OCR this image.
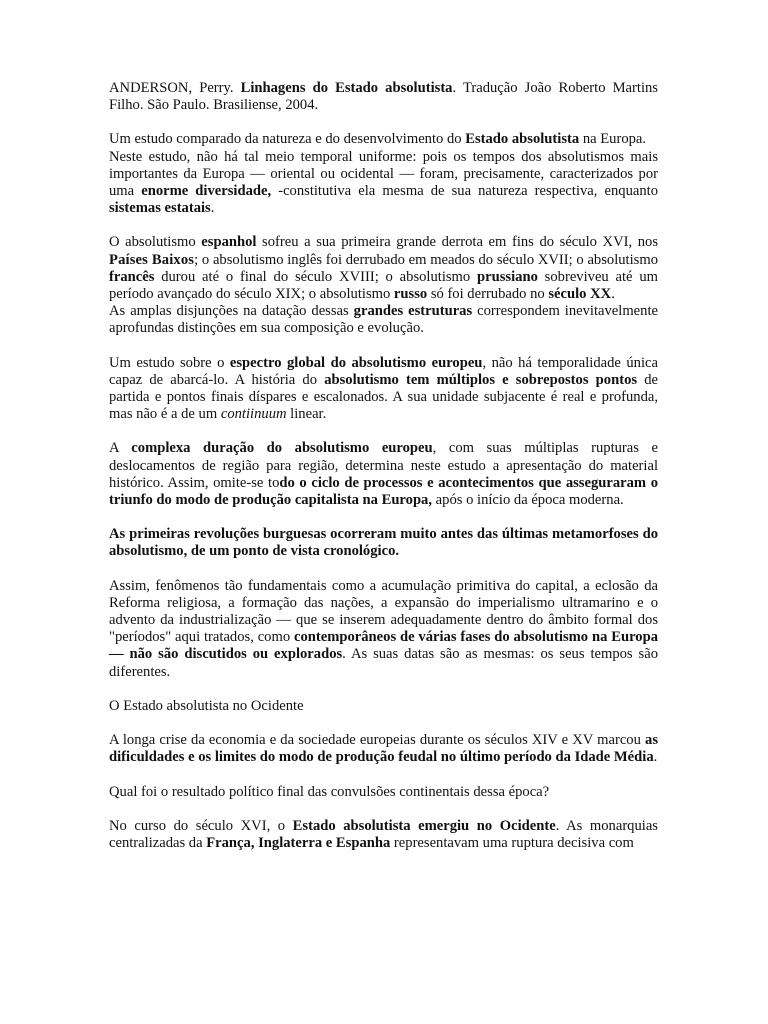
ANDERSON, Perry. Linhagens do Estado absolutista. Tradução João Roberto Martins Filho. São Paulo. Brasiliense, 2004.

Um estudo comparado da natureza e do desenvolvimento do Estado absolutista na Europa.

Neste estudo, não há tal meio temporal uniforme: pois os tempos dos absolutismos mais importantes da Europa — oriental ou ocidental — foram, precisamente, caracterizados por uma enorme diversidade, -constitutiva ela mesma de sua natureza respectiva, enquanto sistemas estatais.

O absolutismo espanhol sofreu a sua primeira grande derrota em fins do século XVI, nos Países Baixos; o absolutismo inglês foi derrubado em meados do século XVII; o absolutismo francês durou até o final do século XVIII; o absolutismo prussiano sobreviveu até um período avançado do século XIX; o absolutismo russo só foi derrubado no século XX.

As amplas disjunções na datação dessas grandes estruturas correspondem inevitavelmente aprofundas distinções em sua composição e evolução.

Um estudo sobre o espectro global do absolutismo europeu, não há temporalidade única capaz de abarcá-lo. A história do absolutismo tem múltiplos e sobrepostos pontos de partida e pontos finais díspares e escalonados. A sua unidade subjacente é real e profunda, mas não é a de um contiinuum linear.

A complexa duração do absolutismo europeu, com suas múltiplas rupturas e deslocamentos de região para região, determina neste estudo a apresentação do material histórico. Assim, omite-se todo o ciclo de processos e acontecimentos que asseguraram o triunfo do modo de produção capitalista na Europa, após o início da época moderna.

As primeiras revoluções burguesas ocorreram muito antes das últimas metamorfoses do absolutismo, de um ponto de vista cronológico.

Assim, fenômenos tão fundamentais como a acumulação primitiva do capital, a eclosão da Reforma religiosa, a formação das nações, a expansão do imperialismo ultramarino e o advento da industrialização — que se inserem adequadamente dentro do âmbito formal dos "períodos" aqui tratados, como contemporâneos de várias fases do absolutismo na Europa — não são discutidos ou explorados. As suas datas são as mesmas: os seus tempos são diferentes.

O Estado absolutista no Ocidente

A longa crise da economia e da sociedade europeias durante os séculos XIV e XV marcou as dificuldades e os limites do modo de produção feudal no último período da Idade Média.

Qual foi o resultado político final das convulsões continentais dessa época?

No curso do século XVI, o Estado absolutista emergiu no Ocidente. As monarquias centralizadas da França, Inglaterra e Espanha representavam uma ruptura decisiva com
